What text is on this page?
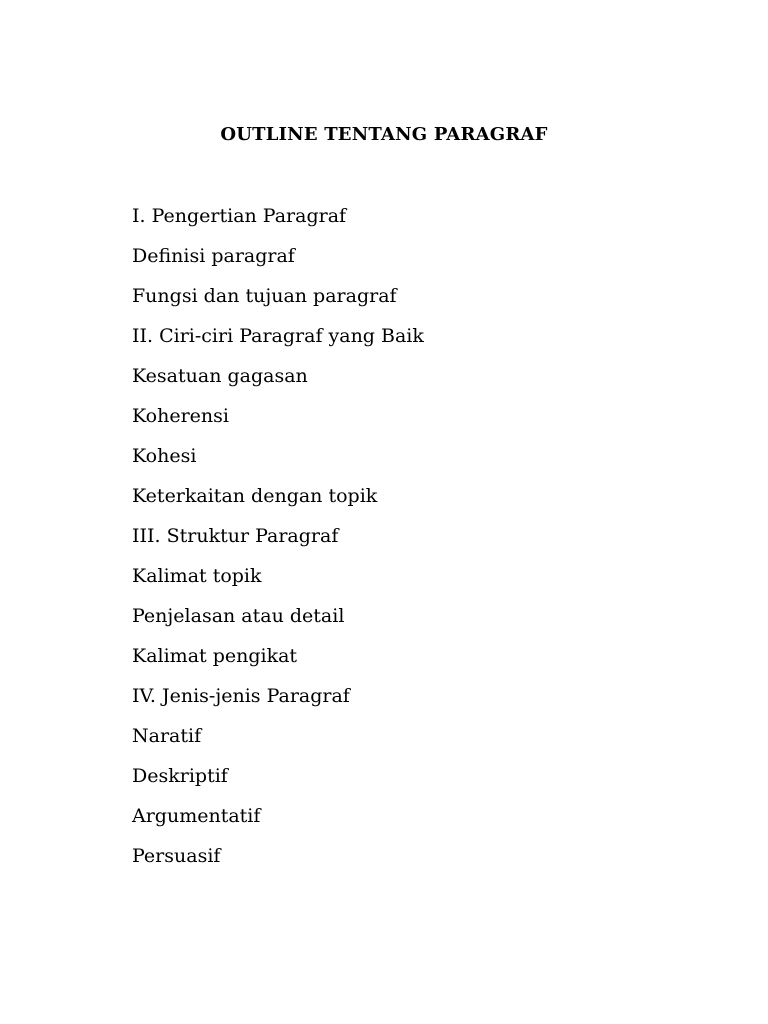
OUTLINE TENTANG PARAGRAF
I. Pengertian Paragraf
Definisi paragraf
Fungsi dan tujuan paragraf
II. Ciri-ciri Paragraf yang Baik
Kesatuan gagasan
Koherensi
Kohesi
Keterkaitan dengan topik
III. Struktur Paragraf
Kalimat topik
Penjelasan atau detail
Kalimat pengikat
IV. Jenis-jenis Paragraf
Naratif
Deskriptif
Argumentatif
Persuasif
